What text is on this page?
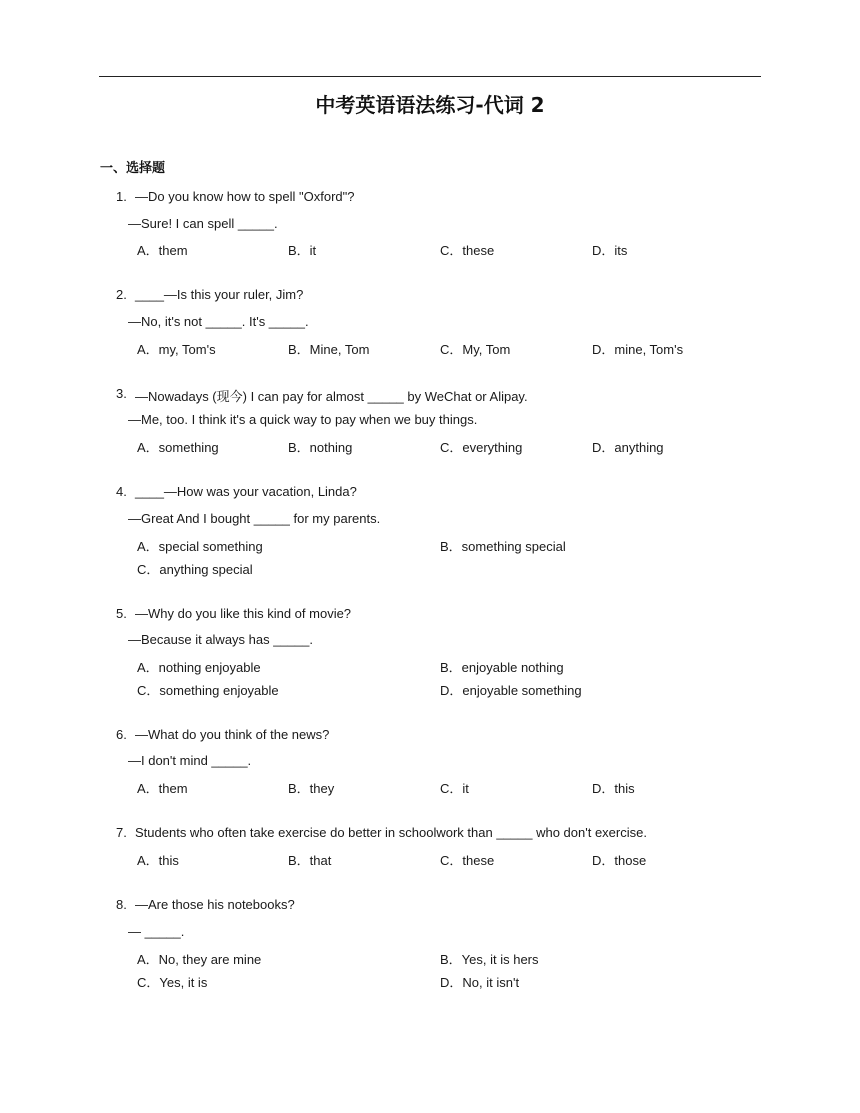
中考英语语法练习-代词 2
一、选择题
1. —Do you know how to spell "Oxford"?
—Sure! I can spell _____.
A．them	B．it	C．these	D．its
2. ____—Is this your ruler, Jim?
—No, it's not _____. It's _____.
A．my, Tom's	B．Mine, Tom	C．My, Tom	D．mine, Tom's
3. —Nowadays (现今) I can pay for almost _____ by WeChat or Alipay.
—Me, too. I think it's a quick way to pay when we buy things.
A．something	B．nothing	C．everything	D．anything
4. ____—How was your vacation, Linda?
—Great And I bought _____ for my parents.
A．special something	B．something special
C．anything special
5. —Why do you like this kind of movie?
—Because it always has _____.
A．nothing enjoyable	B．enjoyable nothing
C．something enjoyable	D．enjoyable something
6. —What do you think of the news?
—I don't mind _____.
A．them	B．they	C．it	D．this
7. Students who often take exercise do better in schoolwork than _____ who don't exercise.
A．this	B．that	C．these	D．those
8. —Are those his notebooks?
— _____.
A．No, they are mine	B．Yes, it is hers
C．Yes, it is	D．No, it isn't
